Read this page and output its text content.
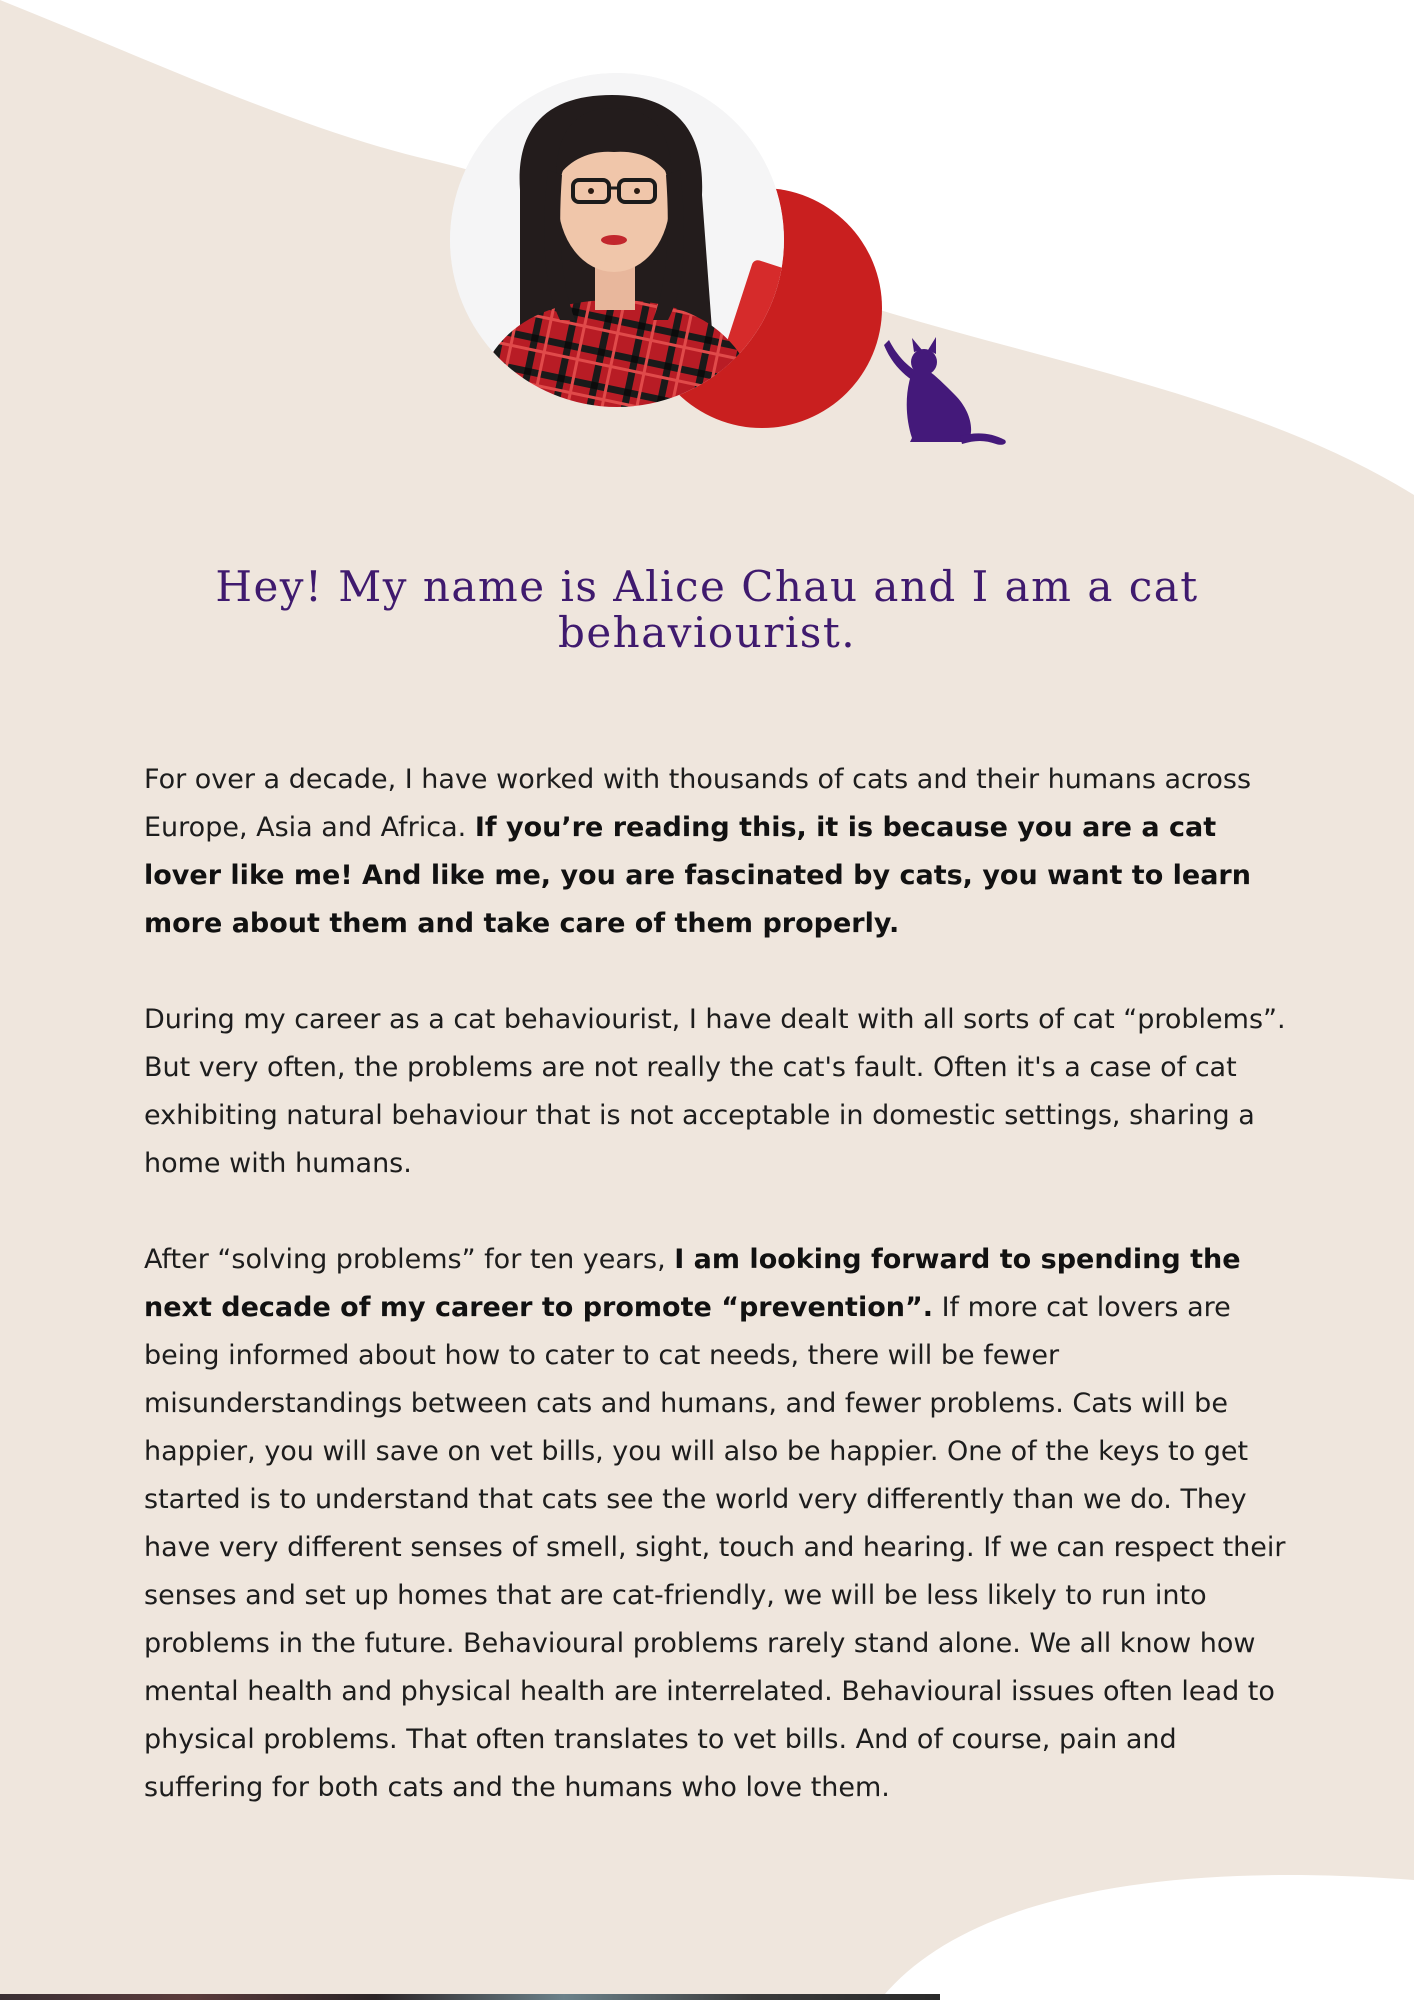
Hey! My name is Alice Chau and I am a cat behaviourist.

For over a decade, I have worked with thousands of cats and their humans across Europe, Asia and Africa. If you’re reading this, it is because you are a cat lover like me! And like me, you are fascinated by cats, you want to learn more about them and take care of them properly.

During my career as a cat behaviourist, I have dealt with all sorts of cat “problems”. But very often, the problems are not really the cat's fault. Often it's a case of cat exhibiting natural behaviour that is not acceptable in domestic settings, sharing a home with humans.

After “solving problems” for ten years, I am looking forward to spending the next decade of my career to promote “prevention”. If more cat lovers are being informed about how to cater to cat needs, there will be fewer misunderstandings between cats and humans, and fewer problems. Cats will be happier, you will save on vet bills, you will also be happier. One of the keys to get started is to understand that cats see the world very differently than we do. They have very different senses of smell, sight, touch and hearing. If we can respect their senses and set up homes that are cat-friendly, we will be less likely to run into problems in the future. Behavioural problems rarely stand alone. We all know how mental health and physical health are interrelated. Behavioural issues often lead to physical problems. That often translates to vet bills. And of course, pain and suffering for both cats and the humans who love them.
